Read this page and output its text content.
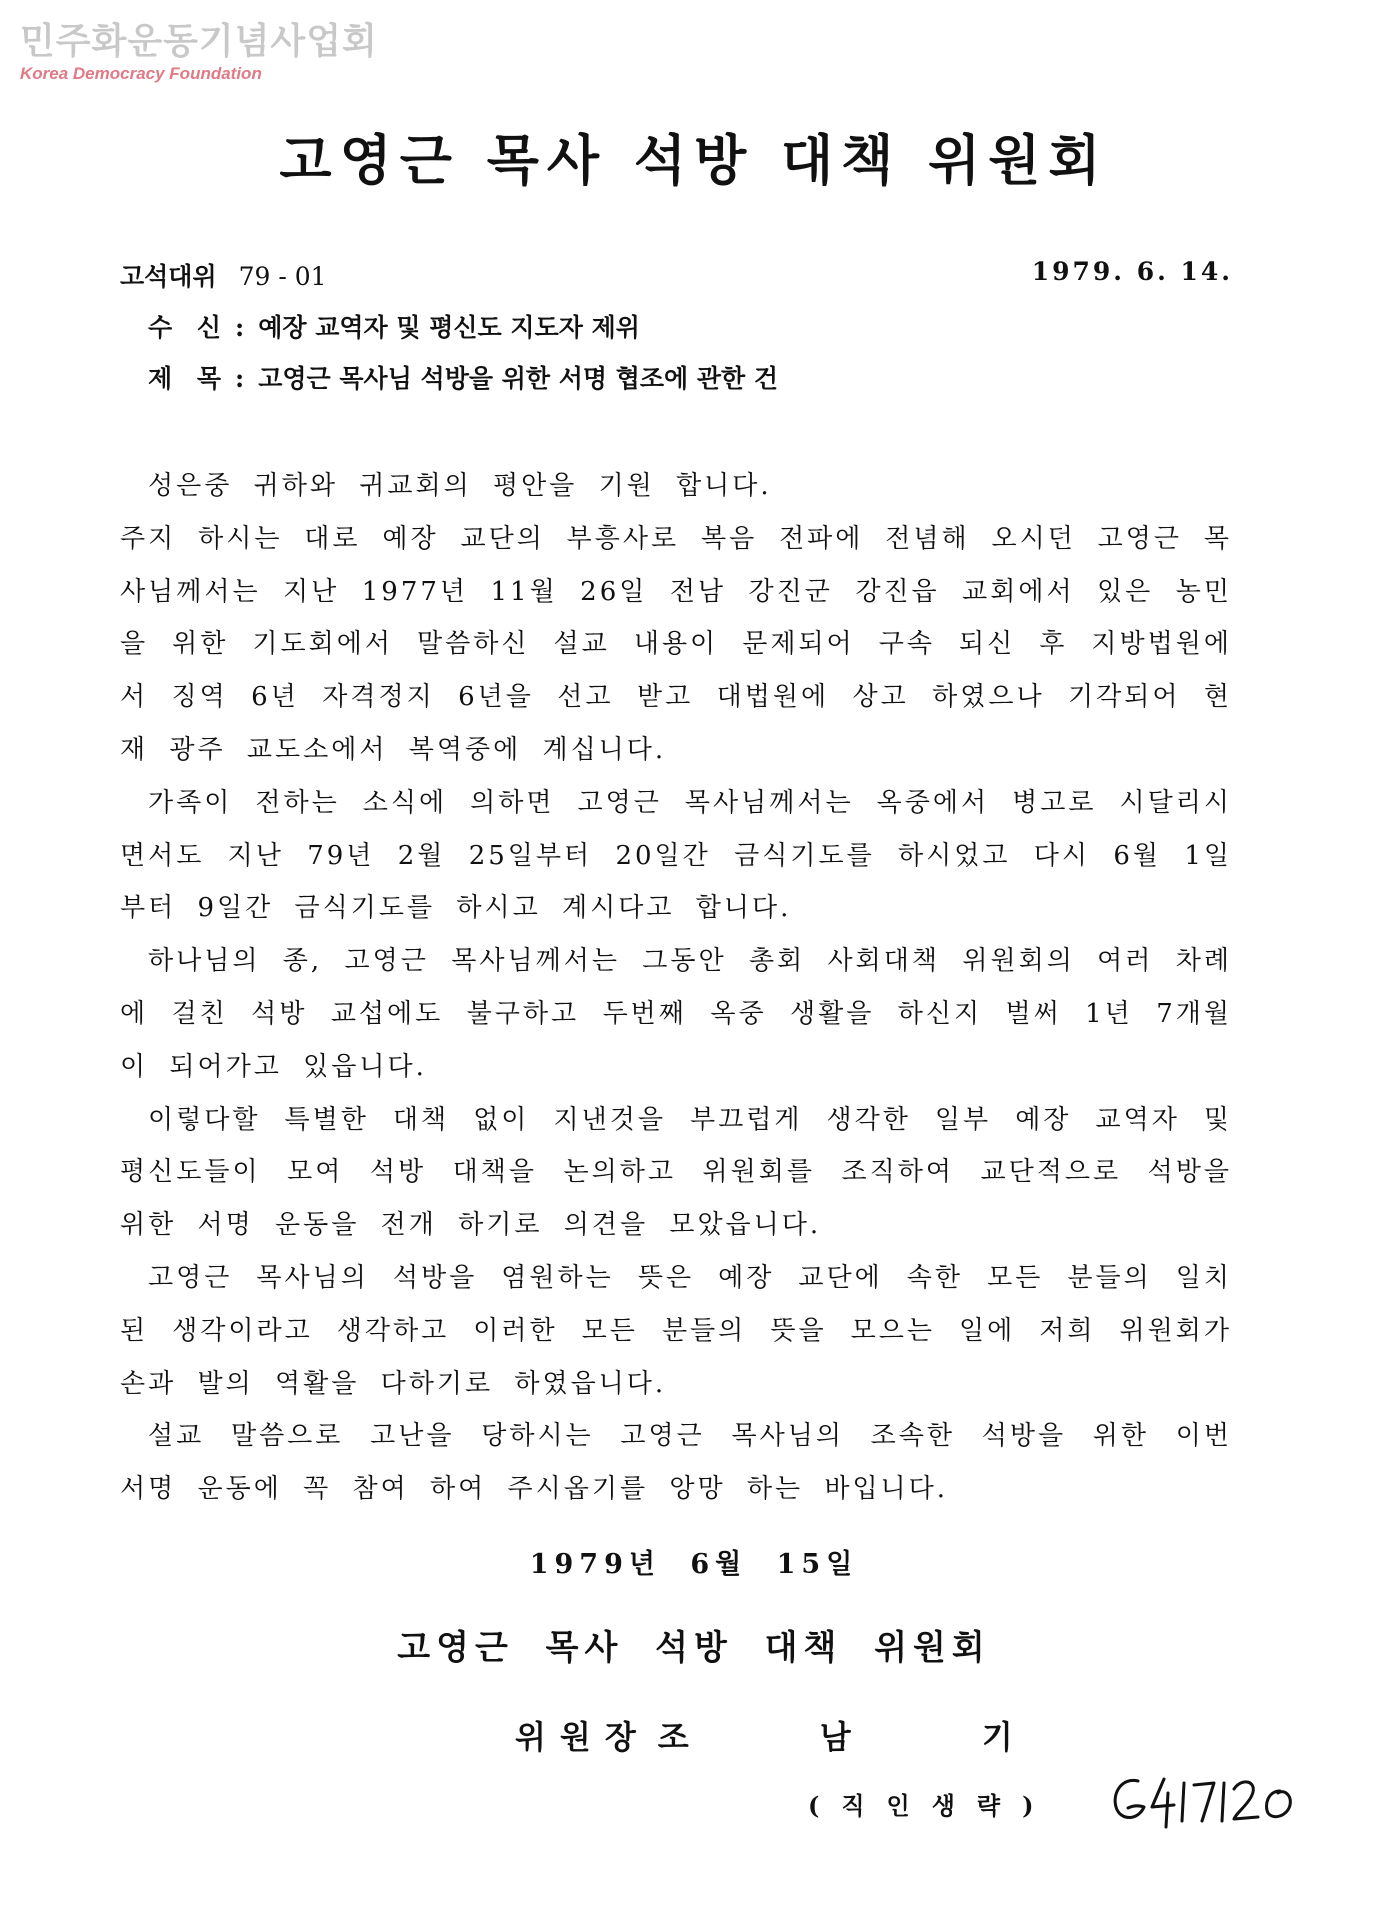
민주화운동기념사업회
Korea Democracy Foundation
고영근 목사 석방 대책 위원회
고석대위 79 - 01	1979. 6. 14.
수 신 : 예장 교역자 및 평신도 지도자 제위
제 목 : 고영근 목사님 석방을 위한 서명 협조에 관한 건

성은중 귀하와 귀교회의 평안을 기원 합니다.

주지 하시는 대로 예장 교단의 부흥사로 복음 전파에 전념해 오시던 고영근 목사님께서는 지난 1977년 11월 26일 전남 강진군 강진읍 교회에서 있은 농민을 위한 기도회에서 말씀하신 설교 내용이 문제되어 구속 되신 후 지방법원에서 징역 6년 자격정지 6년을 선고 받고 대법원에 상고 하였으나 기각되어 현재 광주 교도소에서 복역중에 계십니다.

가족이 전하는 소식에 의하면 고영근 목사님께서는 옥중에서 병고로 시달리시면서도 지난 79년 2월 25일부터 20일간 금식기도를 하시었고 다시 6월 1일부터 9일간 금식기도를 하시고 계시다고 합니다.

하나님의 종, 고영근 목사님께서는 그동안 총회 사회대책 위원회의 여러 차례에 걸친 석방 교섭에도 불구하고 두번째 옥중 생활을 하신지 벌써 1년 7개월이 되어가고 있읍니다.

이렇다할 특별한 대책 없이 지낸것을 부끄럽게 생각한 일부 예장 교역자 및 평신도들이 모여 석방 대책을 논의하고 위원회를 조직하여 교단적으로 석방을 위한 서명 운동을 전개 하기로 의견을 모았읍니다.

고영근 목사님의 석방을 염원하는 뜻은 예장 교단에 속한 모든 분들의 일치된 생각이라고 생각하고 이러한 모든 분들의 뜻을 모으는 일에 저희 위원회가 손과 발의 역활을 다하기로 하였읍니다.

설교 말씀으로 고난을 당하시는 고영근 목사님의 조속한 석방을 위한 이번 서명 운동에 꼭 참여 하여 주시옵기를 앙망 하는 바입니다.

1979년 6월 15일
고영근 목사 석방 대책 위원회
위원장 조 남 기
(직인생략)
